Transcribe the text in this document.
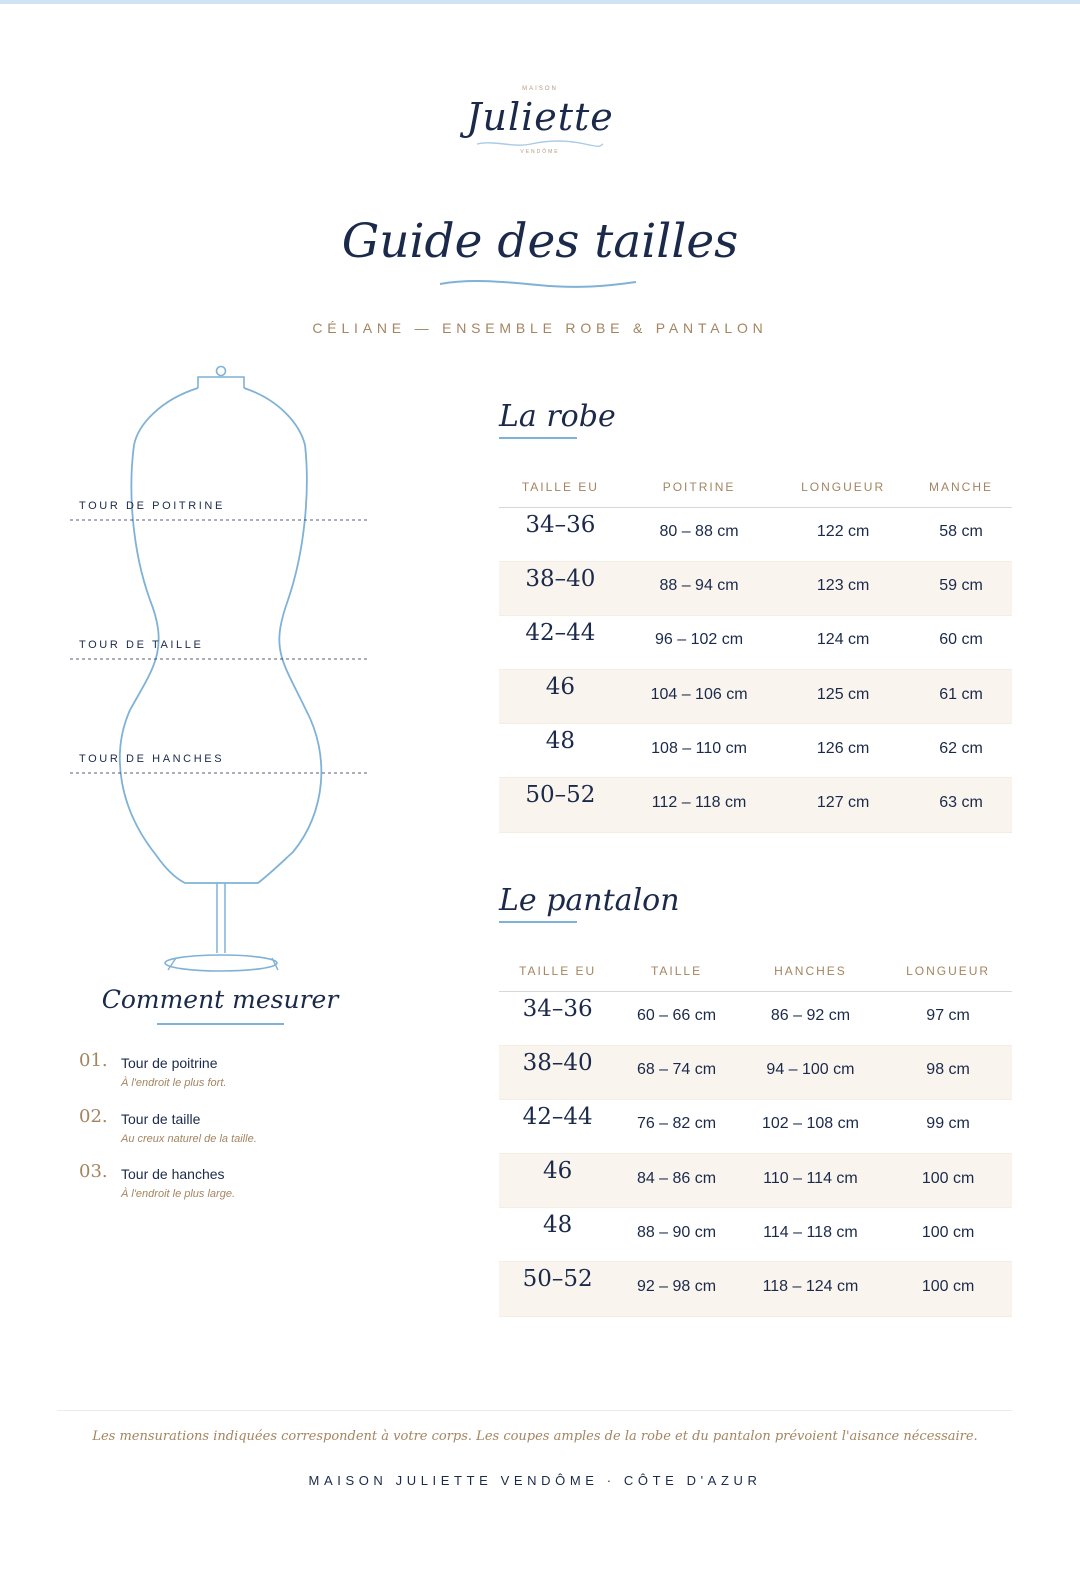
MAISON
Juliette
VENDÔME
Guide des tailles
CÉLIANE — ENSEMBLE ROBE & PANTALON
TOUR DE POITRINE
TOUR DE TAILLE
TOUR DE HANCHES
Comment mesurer
01. Tour de poitrine
À l'endroit le plus fort.
02. Tour de taille
Au creux naturel de la taille.
03. Tour de hanches
À l'endroit le plus large.
La robe
TAILLE EU	POITRINE	LONGUEUR	MANCHE
34–36	80 – 88 cm	122 cm	58 cm
38–40	88 – 94 cm	123 cm	59 cm
42–44	96 – 102 cm	124 cm	60 cm
46	104 – 106 cm	125 cm	61 cm
48	108 – 110 cm	126 cm	62 cm
50–52	112 – 118 cm	127 cm	63 cm
Le pantalon
TAILLE EU	TAILLE	HANCHES	LONGUEUR
34–36	60 – 66 cm	86 – 92 cm	97 cm
38–40	68 – 74 cm	94 – 100 cm	98 cm
42–44	76 – 82 cm	102 – 108 cm	99 cm
46	84 – 86 cm	110 – 114 cm	100 cm
48	88 – 90 cm	114 – 118 cm	100 cm
50–52	92 – 98 cm	118 – 124 cm	100 cm
Les mensurations indiquées correspondent à votre corps. Les coupes amples de la robe et du pantalon prévoient l'aisance nécessaire.
MAISON JULIETTE VENDÔME · CÔTE D'AZUR
